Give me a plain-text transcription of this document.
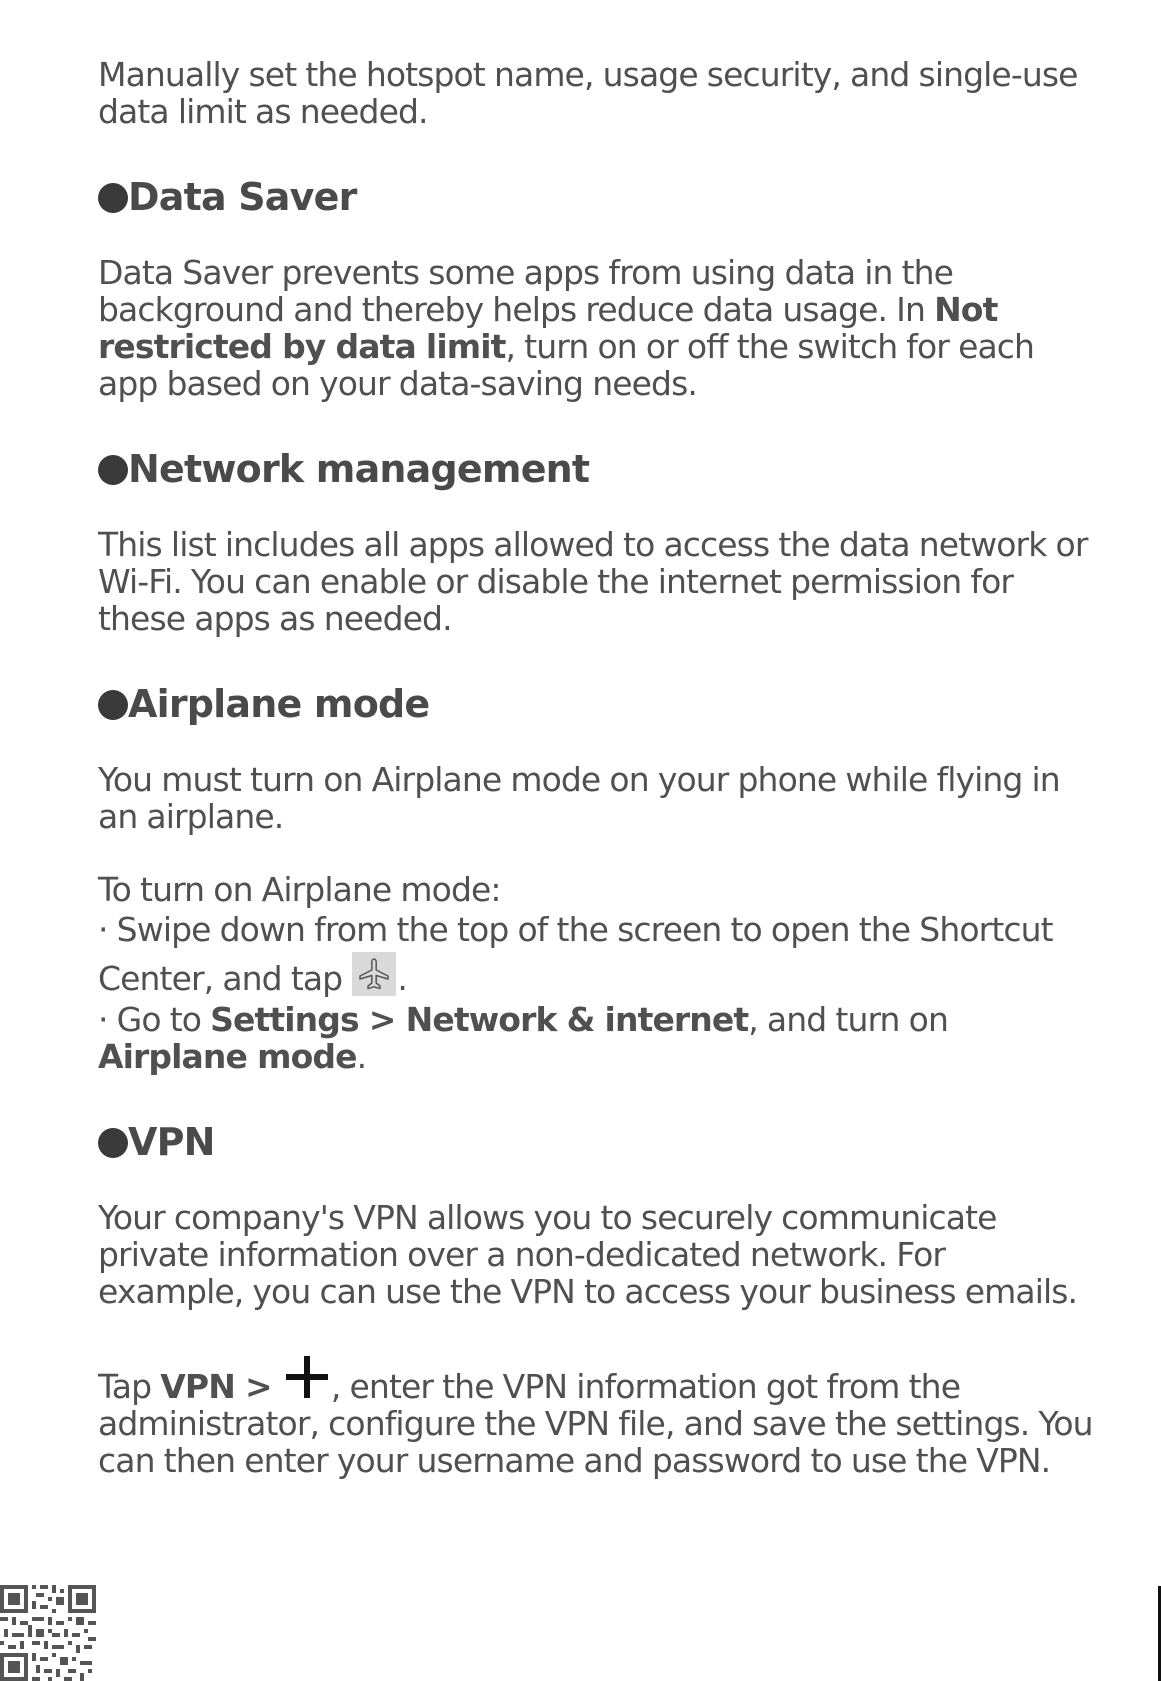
Manually set the hotspot name, usage security, and single-use data limit as needed.

Data Saver

Data Saver prevents some apps from using data in the background and thereby helps reduce data usage. In Not restricted by data limit, turn on or off the switch for each app based on your data-saving needs.

Network management

This list includes all apps allowed to access the data network or Wi-Fi. You can enable or disable the internet permission for these apps as needed.

Airplane mode

You must turn on Airplane mode on your phone while flying in an airplane.

To turn on Airplane mode:

· Swipe down from the top of the screen to open the Shortcut Center, and tap
.

· Go to Settings > Network & internet, and turn on Airplane mode.

VPN

Your company's VPN allows you to securely communicate private information over a non-dedicated network. For example, you can use the VPN to access your business emails.

Tap VPN > , enter the VPN information got from the administrator, configure the VPN file, and save the settings. You can then enter your username and password to use the VPN.
